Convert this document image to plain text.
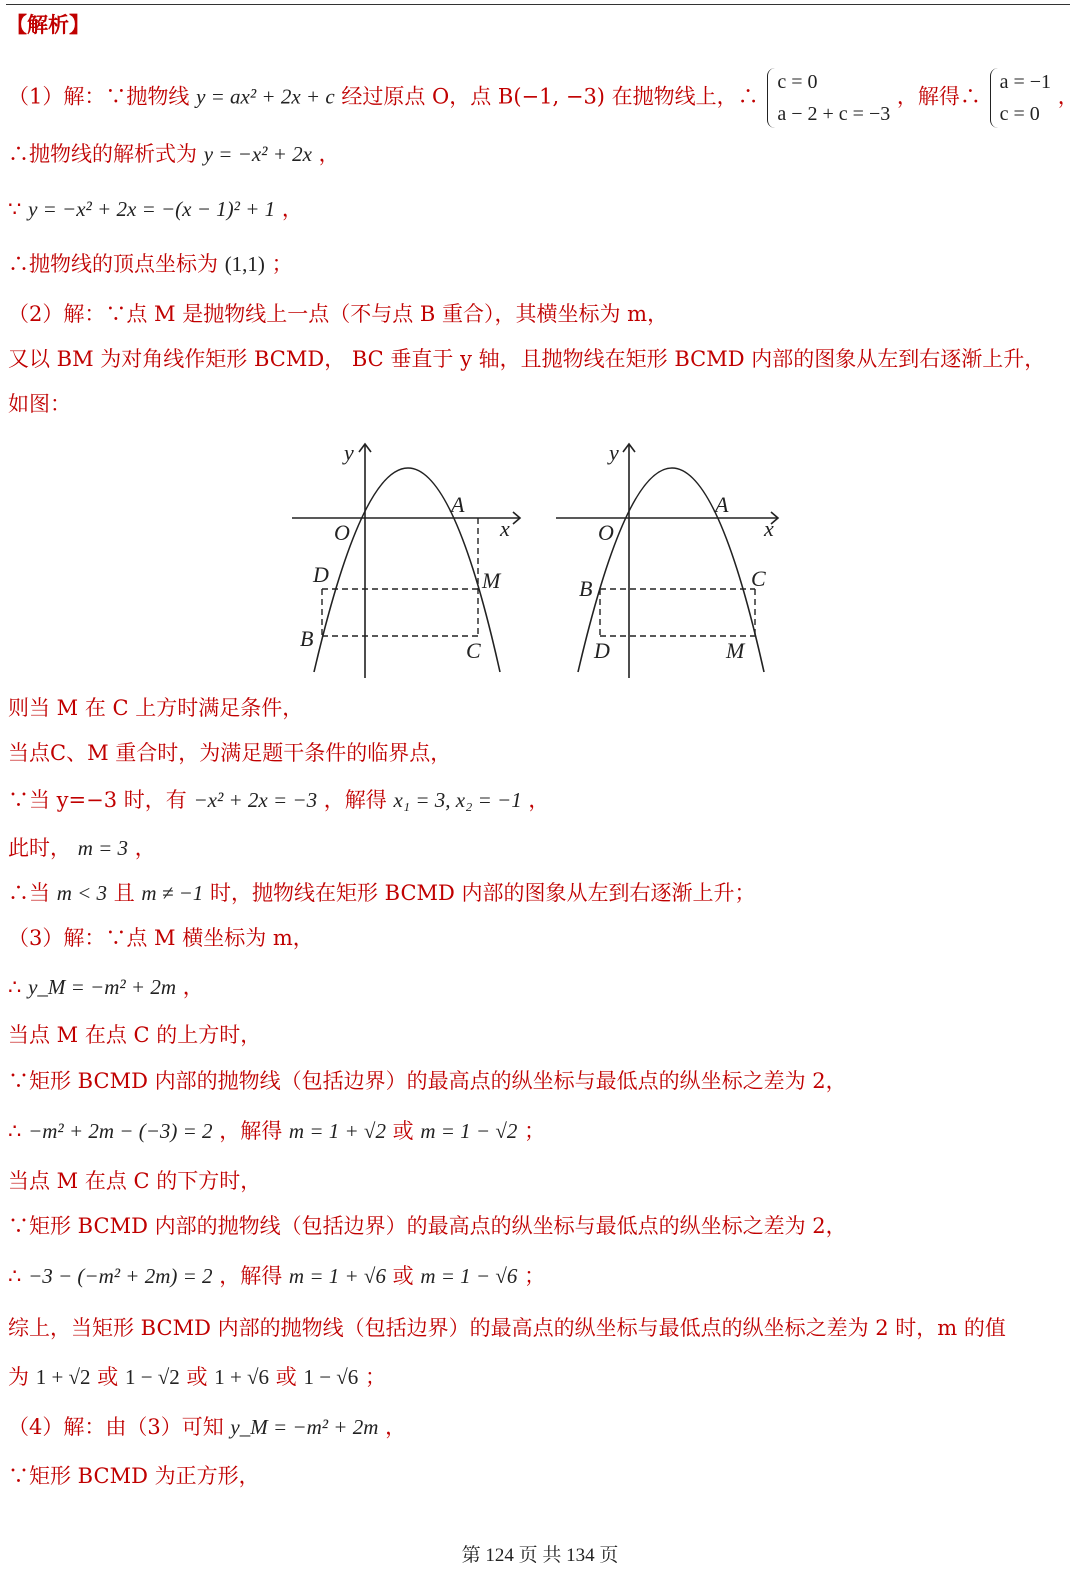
【解析】
（1）解：∵抛物线 y = ax² + 2x + c 经过原点 O，点 B(−1, −3) 在抛物线上，∴
c = 0
a − 2 + c = −3
，解得∴
a = −1
c = 0
，
∴抛物线的解析式为 y = −x² + 2x ，
∵ y = −x² + 2x = −(x − 1)² + 1 ，
∴抛物线的顶点坐标为 (1,1) ；
（2）解：∵点 M 是抛物线上一点（不与点 B 重合），其横坐标为 m，
又以 BM 为对角线作矩形 BCMD， BC 垂直于 y 轴，且抛物线在矩形 BCMD 内部的图象从左到右逐渐上升，
如图：
y
x
O
A
D	M
B	C
y
x
O
A
B	C
D	M
则当 M 在 C 上方时满足条件，
当点C、M 重合时，为满足题干条件的临界点，
∵当 y=−3 时，有 −x² + 2x = −3 ，解得 x₁ = 3, x₂ = −1 ，
此时， m = 3 ，
∴当 m < 3 且 m ≠ −1 时，抛物线在矩形 BCMD 内部的图象从左到右逐渐上升；
（3）解：∵点 M 横坐标为 m，
∴ y_M = −m² + 2m ，
当点 M 在点 C 的上方时，
∵矩形 BCMD 内部的抛物线（包括边界）的最高点的纵坐标与最低点的纵坐标之差为 2，
∴ −m² + 2m − (−3) = 2 ，解得 m = 1 + √2 或 m = 1 − √2 ；
当点 M 在点 C 的下方时，
∵矩形 BCMD 内部的抛物线（包括边界）的最高点的纵坐标与最低点的纵坐标之差为 2，
∴ −3 − (−m² + 2m) = 2 ，解得 m = 1 + √6 或 m = 1 − √6 ；
综上，当矩形 BCMD 内部的抛物线（包括边界）的最高点的纵坐标与最低点的纵坐标之差为 2 时，m 的值
为 1 + √2 或 1 − √2 或 1 + √6 或 1 − √6 ；
（4）解：由（3）可知 y_M = −m² + 2m ，
∵矩形 BCMD 为正方形，
第 124 页 共 134 页
